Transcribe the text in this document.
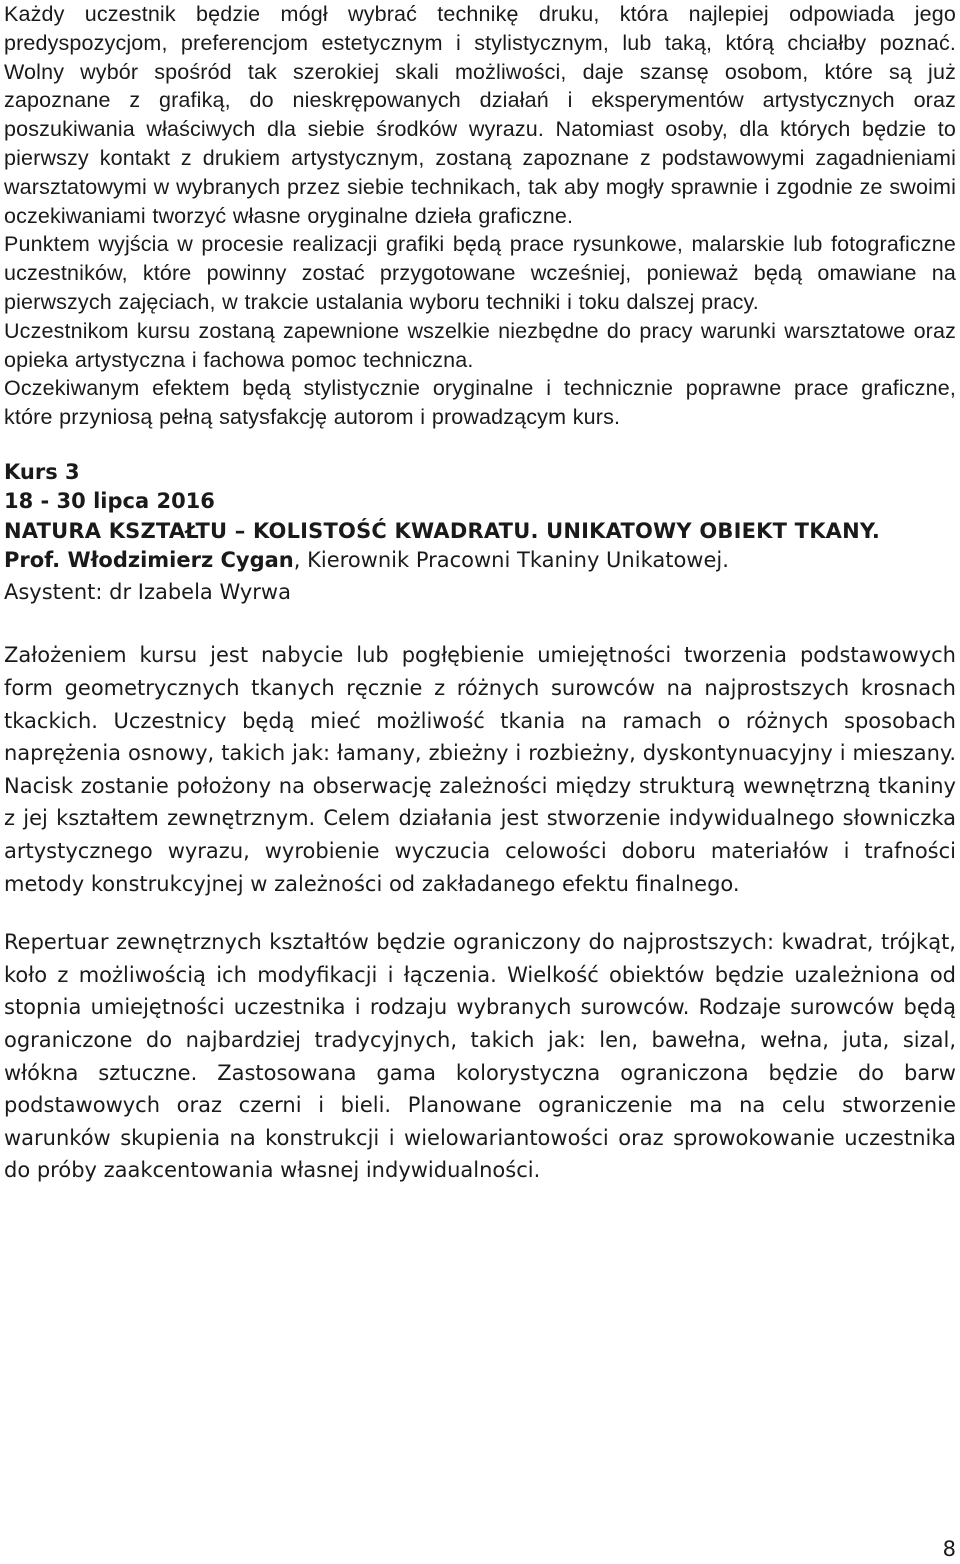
Każdy uczestnik będzie mógł wybrać technikę druku, która najlepiej odpowiada jego predyspozycjom, preferencjom estetycznym i stylistycznym, lub taką, którą chciałby poznać. Wolny wybór spośród tak szerokiej skali możliwości, daje szansę osobom, które są już zapoznane z grafiką, do nieskrępowanych działań i eksperymentów artystycznych oraz poszukiwania właściwych dla siebie środków wyrazu. Natomiast osoby, dla których będzie to pierwszy kontakt z drukiem artystycznym, zostaną zapoznane z podstawowymi zagadnieniami warsztatowymi w wybranych przez siebie technikach, tak aby mogły sprawnie i zgodnie ze swoimi oczekiwaniami tworzyć własne oryginalne dzieła graficzne.
Punktem wyjścia w procesie realizacji grafiki będą prace rysunkowe, malarskie lub fotograficzne uczestników, które powinny zostać przygotowane wcześniej, ponieważ będą omawiane na pierwszych zajęciach, w trakcie ustalania wyboru techniki i toku dalszej pracy.
Uczestnikom kursu zostaną zapewnione wszelkie niezbędne do pracy warunki warsztatowe oraz opieka artystyczna i fachowa pomoc techniczna.
Oczekiwanym efektem będą stylistycznie oryginalne i technicznie poprawne prace graficzne, które przyniosą pełną satysfakcję autorom i prowadzącym kurs.
Kurs 3
18 - 30 lipca 2016
NATURA KSZTAŁTU – KOLISTOŚĆ KWADRATU. UNIKATOWY OBIEKT TKANY.
Prof. Włodzimierz Cygan, Kierownik Pracowni Tkaniny Unikatowej.
Asystent: dr Izabela Wyrwa
Założeniem kursu jest nabycie lub pogłębienie umiejętności tworzenia podstawowych form geometrycznych tkanych ręcznie z różnych surowców na najprostszych krosnach tkackich. Uczestnicy będą mieć możliwość tkania na ramach o różnych sposobach naprężenia osnowy, takich jak: łamany, zbieżny i rozbieżny, dyskontynuacyjny i mieszany. Nacisk zostanie położony na obserwację zależności między strukturą wewnętrzną tkaniny z jej kształtem zewnętrznym. Celem działania jest stworzenie indywidualnego słowniczka artystycznego wyrazu, wyrobienie wyczucia celowości doboru materiałów i trafności metody konstrukcyjnej w zależności od zakładanego efektu finalnego.
Repertuar zewnętrznych kształtów będzie ograniczony do najprostszych: kwadrat, trójkąt, koło z możliwością ich modyfikacji i łączenia. Wielkość obiektów będzie uzależniona od stopnia umiejętności uczestnika i rodzaju wybranych surowców. Rodzaje surowców będą ograniczone do najbardziej tradycyjnych, takich jak: len, bawełna, wełna, juta, sizal, włókna sztuczne. Zastosowana gama kolorystyczna ograniczona będzie do barw podstawowych oraz czerni i bieli. Planowane ograniczenie ma na celu stworzenie warunków skupienia na konstrukcji i wielowariantowości oraz sprowokowanie uczestnika do próby zaakcentowania własnej indywidualności.
8
